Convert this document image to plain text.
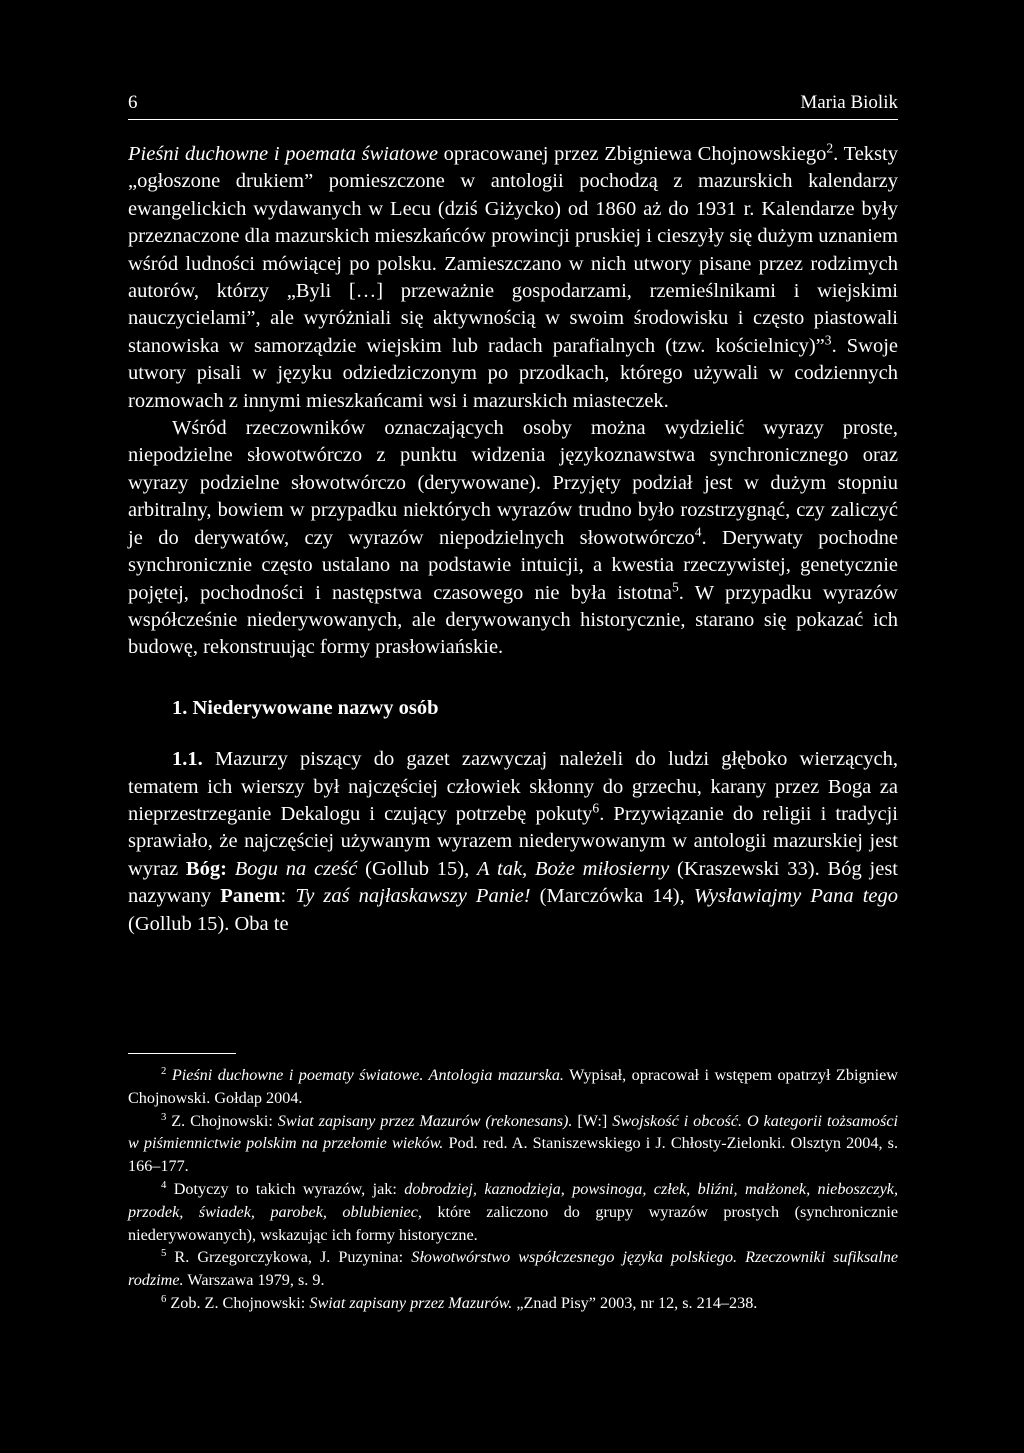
6	Maria Biolik

Pieśni duchowne i poemata światowe opracowanej przez Zbigniewa Chojnowskiego$^2$. Teksty „ogłoszone drukiem” pomieszczone w antologii pochodzą z mazurskich kalendarzy ewangelickich wydawanych w Lecu (dziś Giżycko) od 1860 aż do 1931 r. Kalendarze były przeznaczone dla mazurskich mieszkańców prowincji pruskiej i cieszyły się dużym uznaniem wśród ludności mówiącej po polsku. Zamieszczano w nich utwory pisane przez rodzimych autorów, którzy „Byli […] przeważnie gospodarzami, rzemieślnikami i wiejskimi nauczycielami”, ale wyróżniali się aktywnością w swoim środowisku i często piastowali stanowiska w samorządzie wiejskim lub radach parafialnych (tzw. kościelnicy)”$^3$. Swoje utwory pisali w języku odziedziczonym po przodkach, którego używali w codziennych rozmowach z innymi mieszkańcami wsi i mazurskich miasteczek.

Wśród rzeczowników oznaczających osoby można wydzielić wyrazy proste, niepodzielne słowotwórczo z punktu widzenia językoznawstwa synchronicznego oraz wyrazy podzielne słowotwórczo (derywowane). Przyjęty podział jest w dużym stopniu arbitralny, bowiem w przypadku niektórych wyrazów trudno było rozstrzygnąć, czy zaliczyć je do derywatów, czy wyrazów niepodzielnych słowotwórczo$^4$. Derywaty pochodne synchronicznie często ustalano na podstawie intuicji, a kwestia rzeczywistej, genetycznie pojętej, pochodności i następstwa czasowego nie była istotna$^5$. W przypadku wyrazów współcześnie niederywowanych, ale derywowanych historycznie, starano się pokazać ich budowę, rekonstruując formy prasłowiańskie.

1. Niederywowane nazwy osób

1.1. Mazurzy piszący do gazet zazwyczaj należeli do ludzi głęboko wierzących, tematem ich wierszy był najczęściej człowiek skłonny do grzechu, karany przez Boga za nieprzestrzeganie Dekalogu i czujący potrzebę pokuty$^6$. Przywiązanie do religii i tradycji sprawiało, że najczęściej używanym wyrazem niederywowanym w antologii mazurskiej jest wyraz Bóg: Bogu na cześć (Gollub 15), A tak, Boże miłosierny (Kraszewski 33). Bóg jest nazywany Panem: Ty zaś najłaskawszy Panie! (Marczówka 14), Wysławiajmy Pana tego (Gollub 15). Oba te

$^2$ Pieśni duchowne i poematy światowe. Antologia mazurska. Wypisał, opracował i wstępem opatrzył Zbigniew Chojnowski. Gołdap 2004.

$^3$ Z. Chojnowski: Swiat zapisany przez Mazurów (rekonesans). [W:] Swojskość i obcość. O kategorii tożsamości w piśmiennictwie polskim na przełomie wieków. Pod. red. A. Staniszewskiego i J. Chłosty-Zielonki. Olsztyn 2004, s. 166–177.

$^4$ Dotyczy to takich wyrazów, jak: dobrodziej, kaznodzieja, powsinoga, człek, bliźni, małżonek, nieboszczyk, przodek, świadek, parobek, oblubieniec, które zaliczono do grupy wyrazów prostych (synchronicznie niederywowanych), wskazując ich formy historyczne.

$^5$ R. Grzegorczykowa, J. Puzynina: Słowotwórstwo współczesnego języka polskiego. Rzeczowniki sufiksalne rodzime. Warszawa 1979, s. 9.

$^6$ Zob. Z. Chojnowski: Swiat zapisany przez Mazurów. „Znad Pisy” 2003, nr 12, s. 214–238.
